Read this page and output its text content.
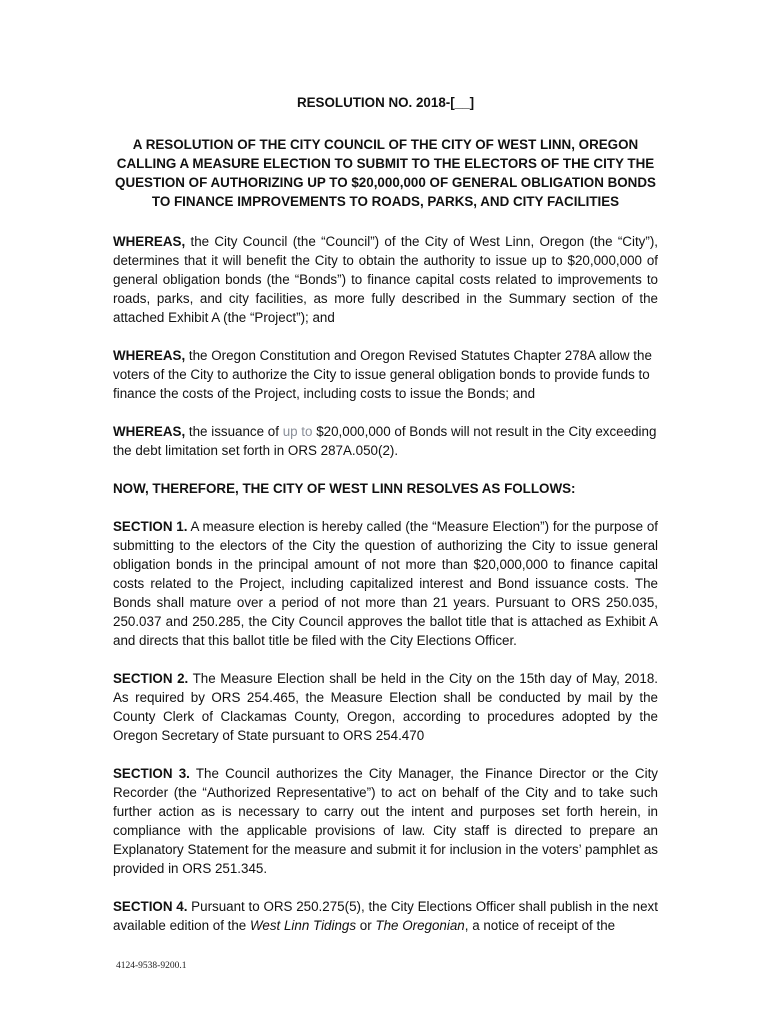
RESOLUTION NO. 2018-[__]
A RESOLUTION OF THE CITY COUNCIL OF THE CITY OF WEST LINN, OREGON CALLING A MEASURE ELECTION TO SUBMIT TO THE ELECTORS OF THE CITY THE QUESTION OF AUTHORIZING UP TO $20,000,000 OF GENERAL OBLIGATION BONDS TO FINANCE IMPROVEMENTS TO ROADS, PARKS, AND CITY FACILITIES

WHEREAS, the City Council (the “Council”) of the City of West Linn, Oregon (the “City”), determines that it will benefit the City to obtain the authority to issue up to $20,000,000 of general obligation bonds (the “Bonds”) to finance capital costs related to improvements to roads, parks, and city facilities, as more fully described in the Summary section of the attached Exhibit A (the “Project”); and

WHEREAS, the Oregon Constitution and Oregon Revised Statutes Chapter 278A allow the voters of the City to authorize the City to issue general obligation bonds to provide funds to finance the costs of the Project, including costs to issue the Bonds; and

WHEREAS, the issuance of up to $20,000,000 of Bonds will not result in the City exceeding the debt limitation set forth in ORS 287A.050(2).

NOW, THEREFORE, THE CITY OF WEST LINN RESOLVES AS FOLLOWS:

SECTION 1. A measure election is hereby called (the “Measure Election”) for the purpose of submitting to the electors of the City the question of authorizing the City to issue general obligation bonds in the principal amount of not more than $20,000,000 to finance capital costs related to the Project, including capitalized interest and Bond issuance costs. The Bonds shall mature over a period of not more than 21 years. Pursuant to ORS 250.035, 250.037 and 250.285, the City Council approves the ballot title that is attached as Exhibit A and directs that this ballot title be filed with the City Elections Officer.

SECTION 2. The Measure Election shall be held in the City on the 15th day of May, 2018. As required by ORS 254.465, the Measure Election shall be conducted by mail by the County Clerk of Clackamas County, Oregon, according to procedures adopted by the Oregon Secretary of State pursuant to ORS 254.470

SECTION 3. The Council authorizes the City Manager, the Finance Director or the City Recorder (the “Authorized Representative”) to act on behalf of the City and to take such further action as is necessary to carry out the intent and purposes set forth herein, in compliance with the applicable provisions of law. City staff is directed to prepare an Explanatory Statement for the measure and submit it for inclusion in the voters’ pamphlet as provided in ORS 251.345.

SECTION 4. Pursuant to ORS 250.275(5), the City Elections Officer shall publish in the next available edition of the West Linn Tidings or The Oregonian, a notice of receipt of the

4124-9538-9200.1
